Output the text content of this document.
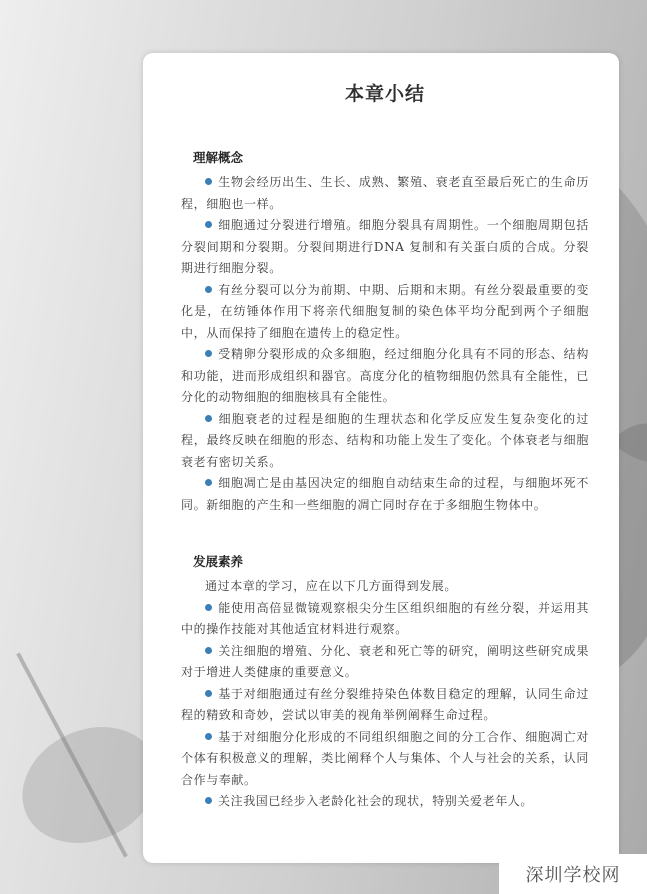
本章小结
理解概念

生物会经历出生、生长、成熟、繁殖、衰老直至最后死亡的生命历程，细胞也一样。

细胞通过分裂进行增殖。细胞分裂具有周期性。一个细胞周期包括分裂间期和分裂期。分裂间期进行DNA 复制和有关蛋白质的合成。分裂期进行细胞分裂。

有丝分裂可以分为前期、中期、后期和末期。有丝分裂最重要的变化是，在纺锤体作用下将亲代细胞复制的染色体平均分配到两个子细胞中，从而保持了细胞在遗传上的稳定性。

受精卵分裂形成的众多细胞，经过细胞分化具有不同的形态、结构和功能，进而形成组织和器官。高度分化的植物细胞仍然具有全能性，已分化的动物细胞的细胞核具有全能性。

细胞衰老的过程是细胞的生理状态和化学反应发生复杂变化的过程，最终反映在细胞的形态、结构和功能上发生了变化。个体衰老与细胞衰老有密切关系。

细胞凋亡是由基因决定的细胞自动结束生命的过程，与细胞坏死不同。新细胞的产生和一些细胞的凋亡同时存在于多细胞生物体中。

发展素养

通过本章的学习，应在以下几方面得到发展。

能使用高倍显微镜观察根尖分生区组织细胞的有丝分裂，并运用其中的操作技能对其他适宜材料进行观察。

关注细胞的增殖、分化、衰老和死亡等的研究，阐明这些研究成果对于增进人类健康的重要意义。

基于对细胞通过有丝分裂维持染色体数目稳定的理解，认同生命过程的精致和奇妙，尝试以审美的视角举例阐释生命过程。

基于对细胞分化形成的不同组织细胞之间的分工合作、细胞凋亡对个体有积极意义的理解，类比阐释个人与集体、个人与社会的关系，认同合作与奉献。

关注我国已经步入老龄化社会的现状，特别关爱老年人。

深圳学校网
